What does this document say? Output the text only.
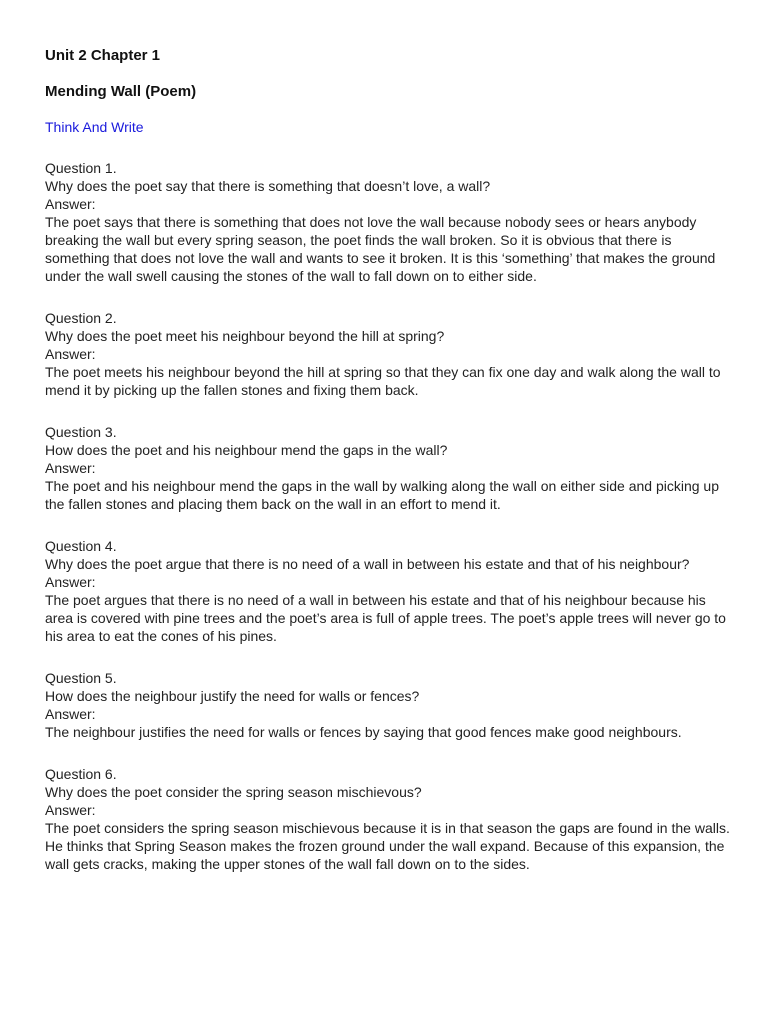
Unit 2 Chapter 1
Mending Wall (Poem)
Think And Write

Question 1.

Why does the poet say that there is something that doesn’t love, a wall?

Answer:

The poet says that there is something that does not love the wall because nobody sees or hears anybody breaking the wall but every spring season, the poet finds the wall broken. So it is obvious that there is something that does not love the wall and wants to see it broken. It is this ‘something’ that makes the ground under the wall swell causing the stones of the wall to fall down on to either side.

Question 2.

Why does the poet meet his neighbour beyond the hill at spring?

Answer:

The poet meets his neighbour beyond the hill at spring so that they can fix one day and walk along the wall to mend it by picking up the fallen stones and fixing them back.

Question 3.

How does the poet and his neighbour mend the gaps in the wall?

Answer:

The poet and his neighbour mend the gaps in the wall by walking along the wall on either side and picking up the fallen stones and placing them back on the wall in an effort to mend it.

Question 4.

Why does the poet argue that there is no need of a wall in between his estate and that of his neighbour?

Answer:

The poet argues that there is no need of a wall in between his estate and that of his neighbour because his area is covered with pine trees and the poet’s area is full of apple trees. The poet’s apple trees will never go to his area to eat the cones of his pines.

Question 5.

How does the neighbour justify the need for walls or fences?

Answer:

The neighbour justifies the need for walls or fences by saying that good fences make good neighbours.

Question 6.

Why does the poet consider the spring season mischievous?

Answer:

The poet considers the spring season mischievous because it is in that season the gaps are found in the walls. He thinks that Spring Season makes the frozen ground under the wall expand. Because of this expansion, the wall gets cracks, making the upper stones of the wall fall down on to the sides.
